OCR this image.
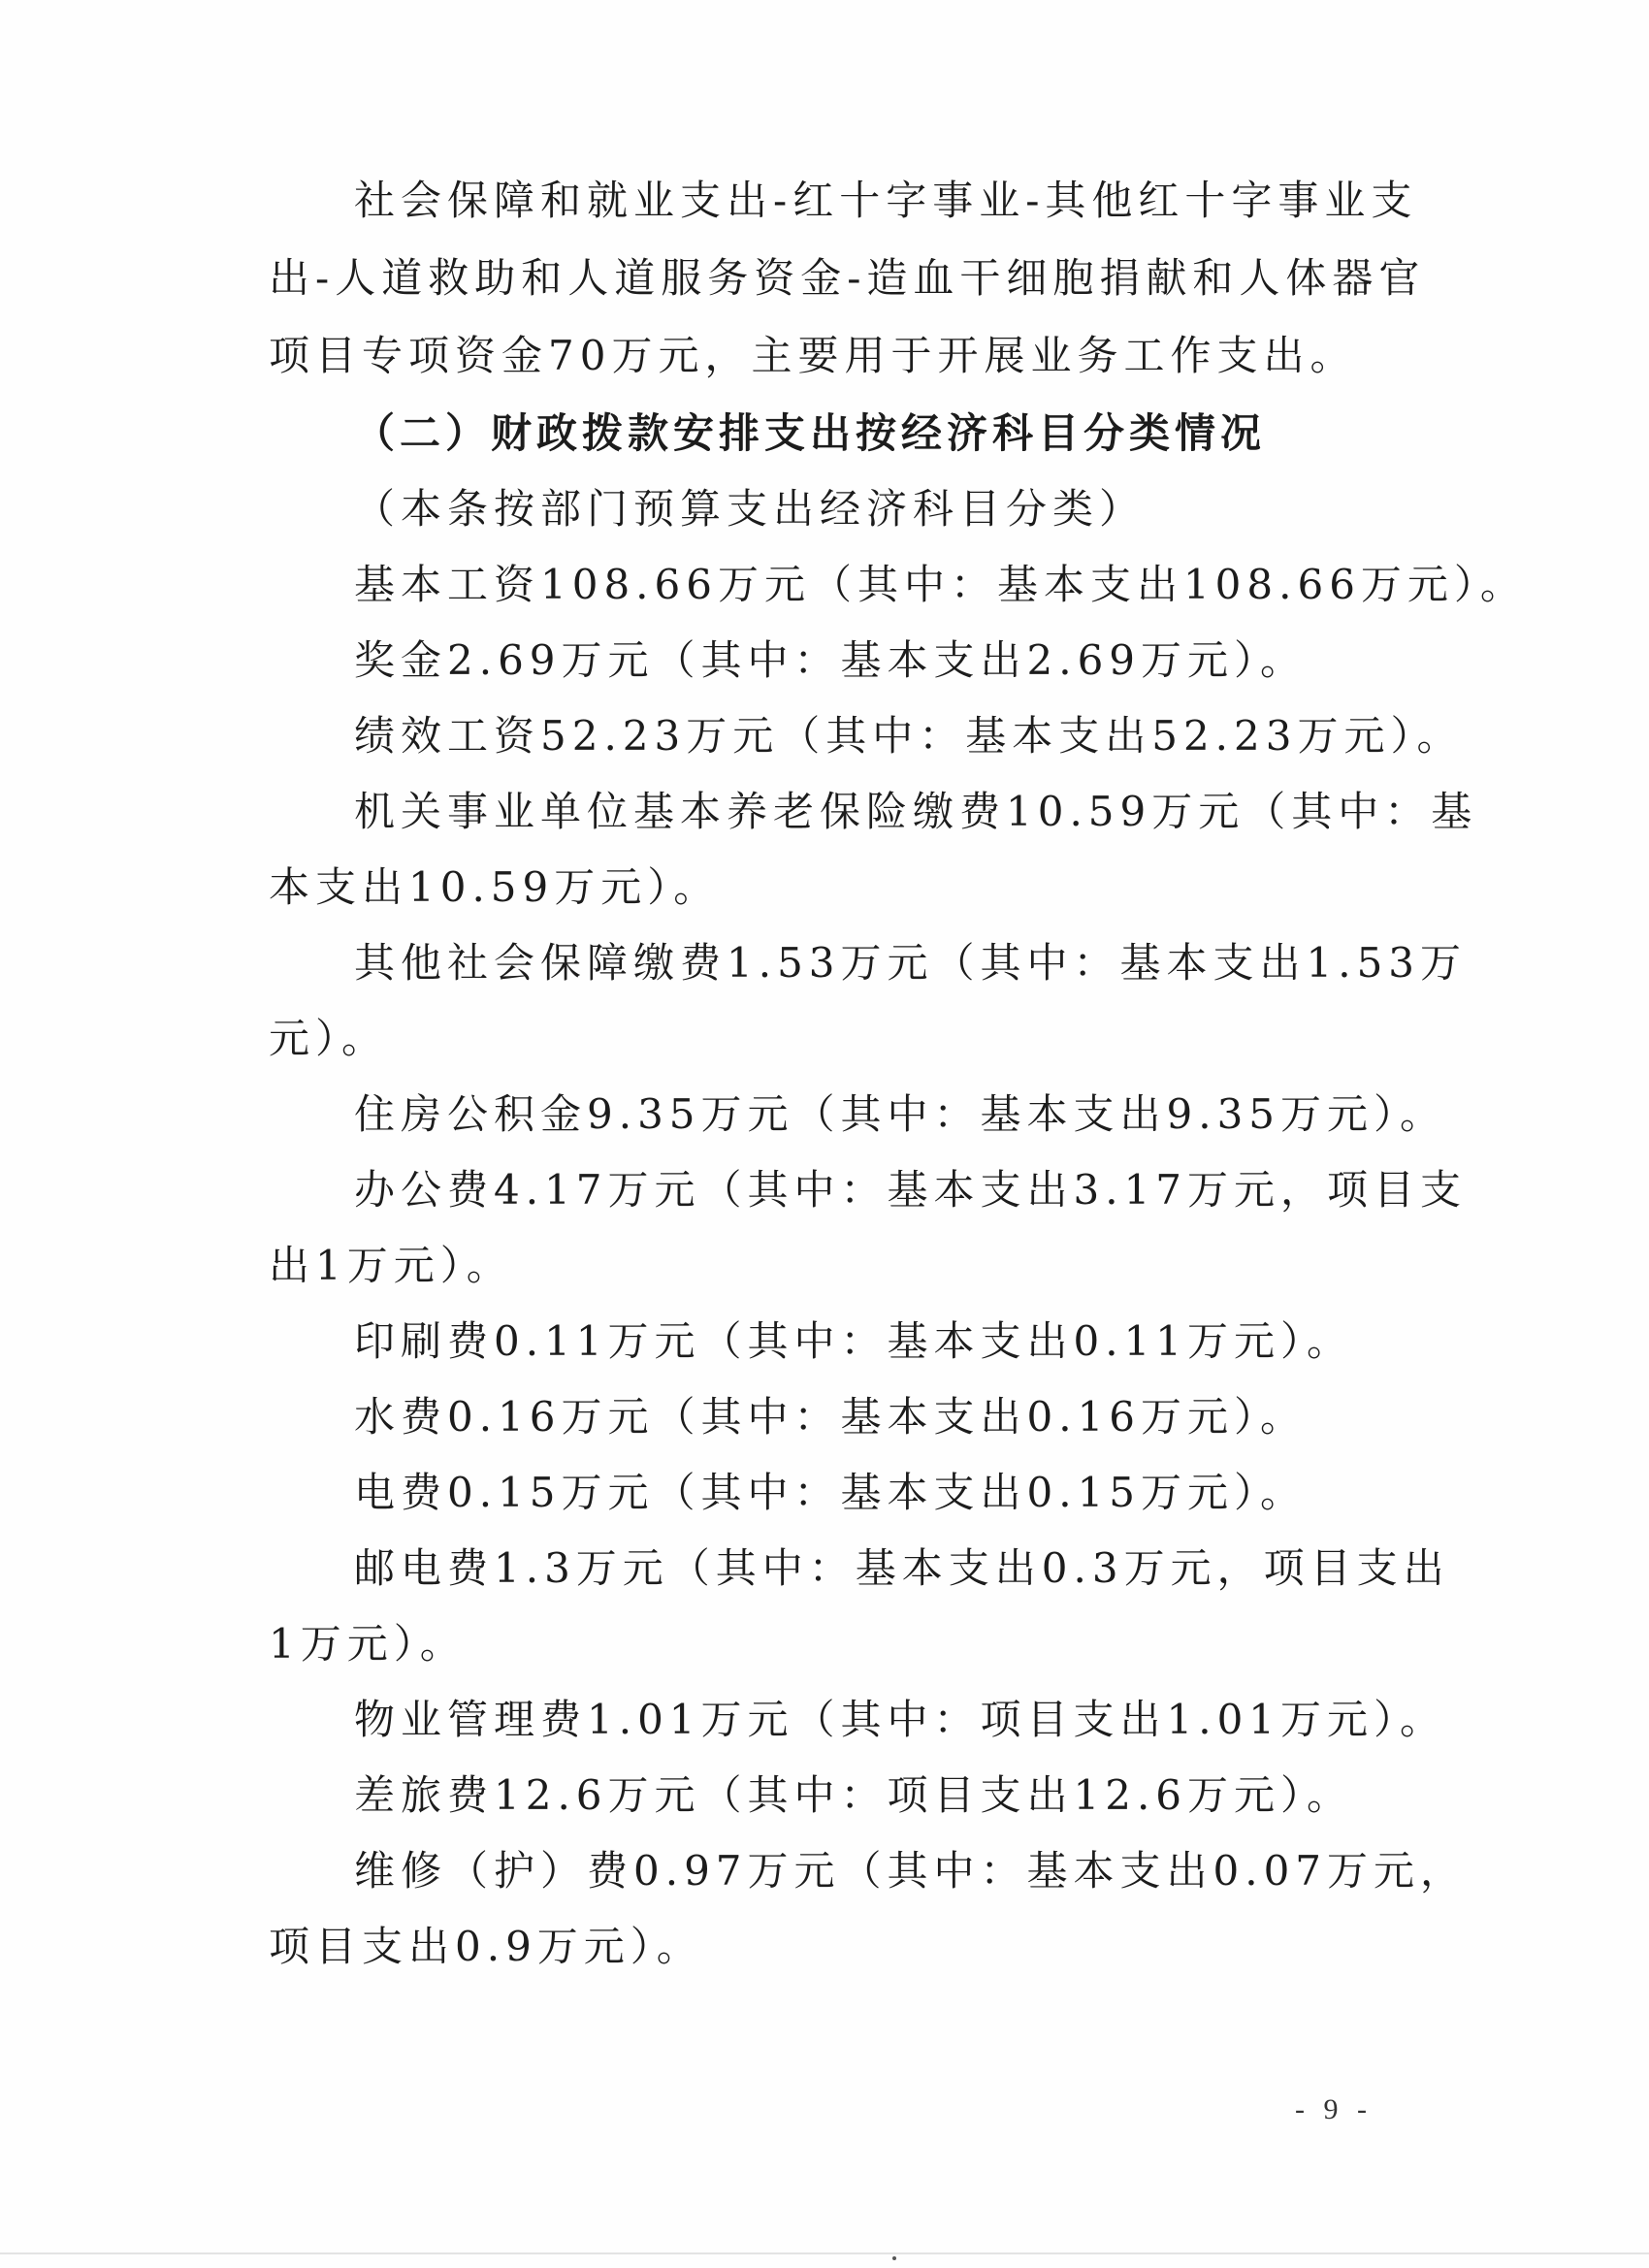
社会保障和就业支出-红十字事业-其他红十字事业支
出-人道救助和人道服务资金-造血干细胞捐献和人体器官
项目专项资金70万元，主要用于开展业务工作支出。
（二）财政拨款安排支出按经济科目分类情况
（本条按部门预算支出经济科目分类）
基本工资108.66万元（其中：基本支出108.66万元）。
奖金2.69万元（其中：基本支出2.69万元）。
绩效工资52.23万元（其中：基本支出52.23万元）。
机关事业单位基本养老保险缴费10.59万元（其中：基
本支出10.59万元）。
其他社会保障缴费1.53万元（其中：基本支出1.53万
元）。
住房公积金9.35万元（其中：基本支出9.35万元）。
办公费4.17万元（其中：基本支出3.17万元，项目支
出1万元）。
印刷费0.11万元（其中：基本支出0.11万元）。
水费0.16万元（其中：基本支出0.16万元）。
电费0.15万元（其中：基本支出0.15万元）。
邮电费1.3万元（其中：基本支出0.3万元，项目支出
1万元）。
物业管理费1.01万元（其中：项目支出1.01万元）。
差旅费12.6万元（其中：项目支出12.6万元）。
维修（护）费0.97万元（其中：基本支出0.07万元，
项目支出0.9万元）。
- 9 -
